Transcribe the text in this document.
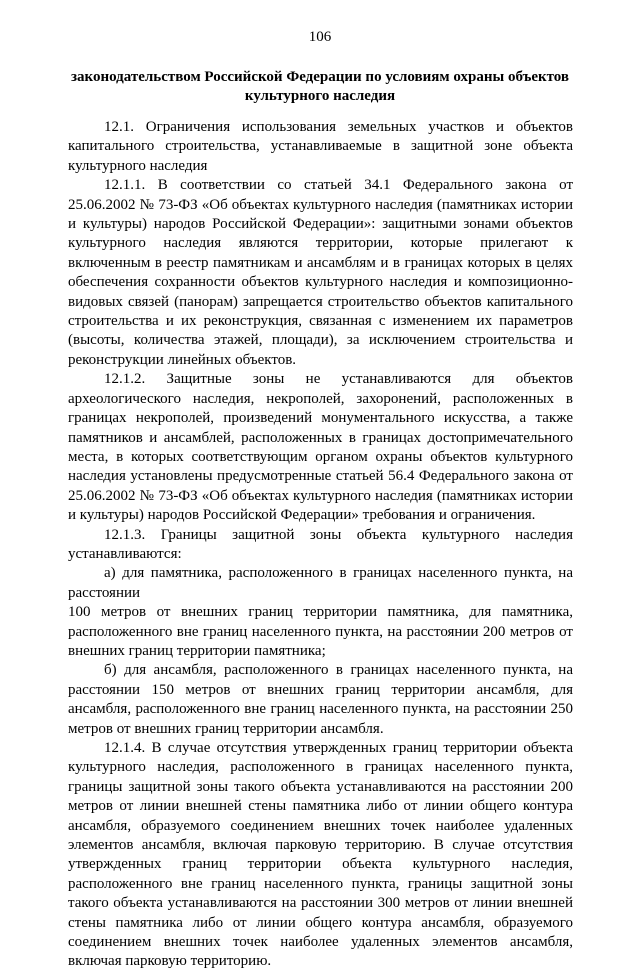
106
законодательством Российской Федерации по условиям охраны объектов культурного наследия

12.1. Ограничения использования земельных участков и объектов капитального строительства, устанавливаемые в защитной зоне объекта культурного наследия

12.1.1. В соответствии со статьей 34.1 Федерального закона от 25.06.2002 № 73-ФЗ «Об объектах культурного наследия (памятниках истории и культуры) народов Российской Федерации»: защитными зонами объектов культурного наследия являются территории, которые прилегают к включенным в реестр памятникам и ансамблям и в границах которых в целях обеспечения сохранности объектов культурного наследия и композиционно-видовых связей (панорам) запрещается строительство объектов капитального строительства и их реконструкция, связанная с изменением их параметров (высоты, количества этажей, площади), за исключением строительства и реконструкции линейных объектов.

12.1.2. Защитные зоны не устанавливаются для объектов археологического наследия, некрополей, захоронений, расположенных в границах некрополей, произведений монументального искусства, а также памятников и ансамблей, расположенных в границах достопримечательного места, в которых соответствующим органом охраны объектов культурного наследия установлены предусмотренные статьей 56.4 Федерального закона от 25.06.2002 № 73-ФЗ «Об объектах культурного наследия (памятниках истории и культуры) народов Российской Федерации» требования и ограничения.

12.1.3. Границы защитной зоны объекта культурного наследия устанавливаются:

а) для памятника, расположенного в границах населенного пункта, на расстоянии

100 метров от внешних границ территории памятника, для памятника, расположенного вне границ населенного пункта, на расстоянии 200 метров от внешних границ территории памятника;

б) для ансамбля, расположенного в границах населенного пункта, на расстоянии 150 метров от внешних границ территории ансамбля, для ансамбля, расположенного вне границ населенного пункта, на расстоянии 250 метров от внешних границ территории ансамбля.

12.1.4. В случае отсутствия утвержденных границ территории объекта культурного наследия, расположенного в границах населенного пункта, границы защитной зоны такого объекта устанавливаются на расстоянии 200 метров от линии внешней стены памятника либо от линии общего контура ансамбля, образуемого соединением внешних точек наиболее удаленных элементов ансамбля, включая парковую территорию. В случае отсутствия утвержденных границ территории объекта культурного наследия, расположенного вне границ населенного пункта, границы защитной зоны такого объекта устанавливаются на расстоянии 300 метров от линии внешней стены памятника либо от линии общего контура ансамбля, образуемого соединением внешних точек наиболее удаленных элементов ансамбля, включая парковую территорию.
